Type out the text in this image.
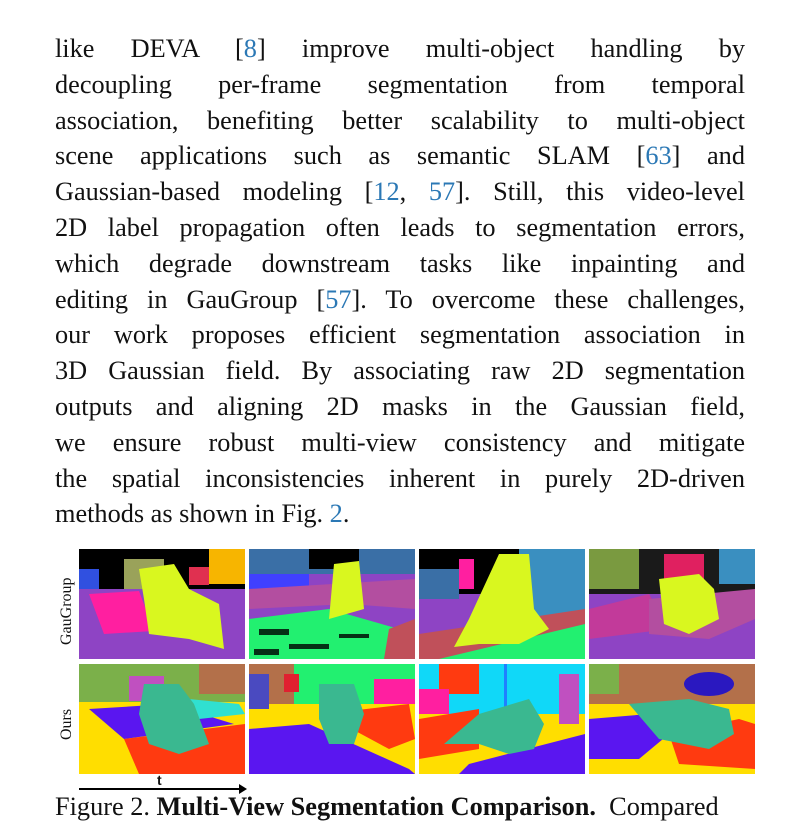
like DEVA [8] improve multi-object handling by
decoupling per-frame segmentation from temporal
association, benefiting better scalability to multi-object
scene applications such as semantic SLAM [63] and
Gaussian-based modeling [12, 57]. Still, this video-level
2D label propagation often leads to segmentation errors,
which degrade downstream tasks like inpainting and
editing in GauGroup [57]. To overcome these challenges,
our work proposes efficient segmentation association in
3D Gaussian field. By associating raw 2D segmentation
outputs and aligning 2D masks in the Gaussian field,
we ensure robust multi-view consistency and mitigate
the spatial inconsistencies inherent in purely 2D-driven
methods as shown in Fig. 2.
GauGroup
Ours
t
Figure 2. Multi-View Segmentation Comparison.  Compared
